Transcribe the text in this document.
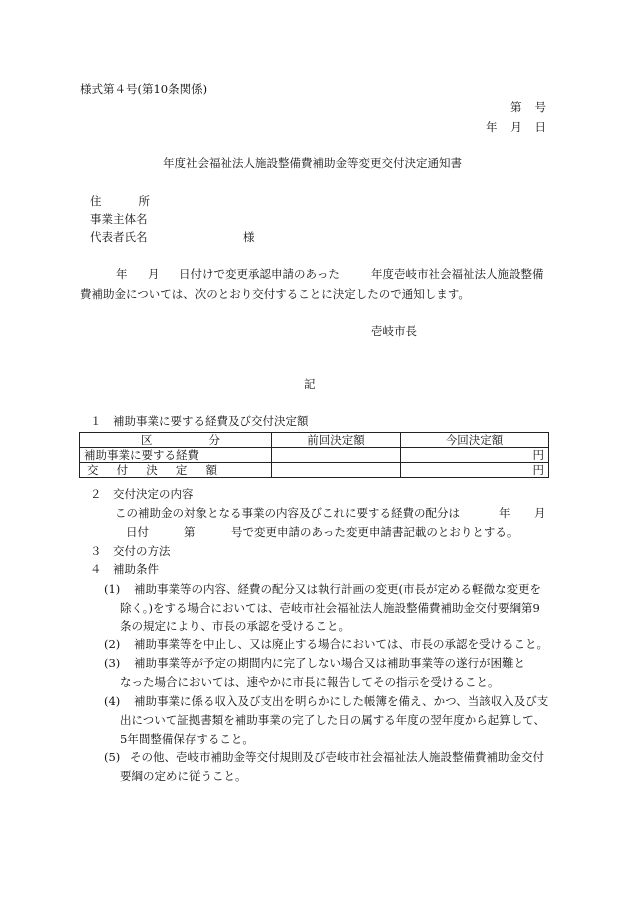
様式第４号(第10条関係)
第 号
年 月 日
年度社会福祉法人施設整備費補助金等変更交付決定通知書
住	所
事業主体名
代表者氏名	様
年 月 日付けで変更承認申請のあった	年度壱岐市社会福祉法人施設整備
費補助金については、次のとおり交付することに決定したので通知します。
壱岐市長
記
１　補助事業に要する経費及び交付決定額
区 分	前回決定額	今回決定額
補助事業に要する経費		円

交 付 決 定 額		円
２　交付決定の内容
この補助金の対象となる事業の内容及びこれに要する経費の配分は	年 月
日付	第	号で変更申請のあった変更申請書記載のとおりとする。
３　交付の方法
４　補助条件
(1) 補助事業等の内容、経費の配分又は執行計画の変更(市長が定める軽微な変更を
除く。)をする場合においては、壱岐市社会福祉法人施設整備費補助金交付要綱第9
条の規定により、市長の承認を受けること。
(2) 補助事業等を中止し、又は廃止する場合においては、市長の承認を受けること。
(3) 補助事業等が予定の期間内に完了しない場合又は補助事業等の遂行が困難と
なった場合においては、速やかに市長に報告してその指示を受けること。
(4) 補助事業に係る収入及び支出を明らかにした帳簿を備え、かつ、当該収入及び支
出について証拠書類を補助事業の完了した日の属する年度の翌年度から起算して、
5年間整備保存すること。
(5) その他、壱岐市補助金等交付規則及び壱岐市社会福祉法人施設整備費補助金交付
要綱の定めに従うこと。
